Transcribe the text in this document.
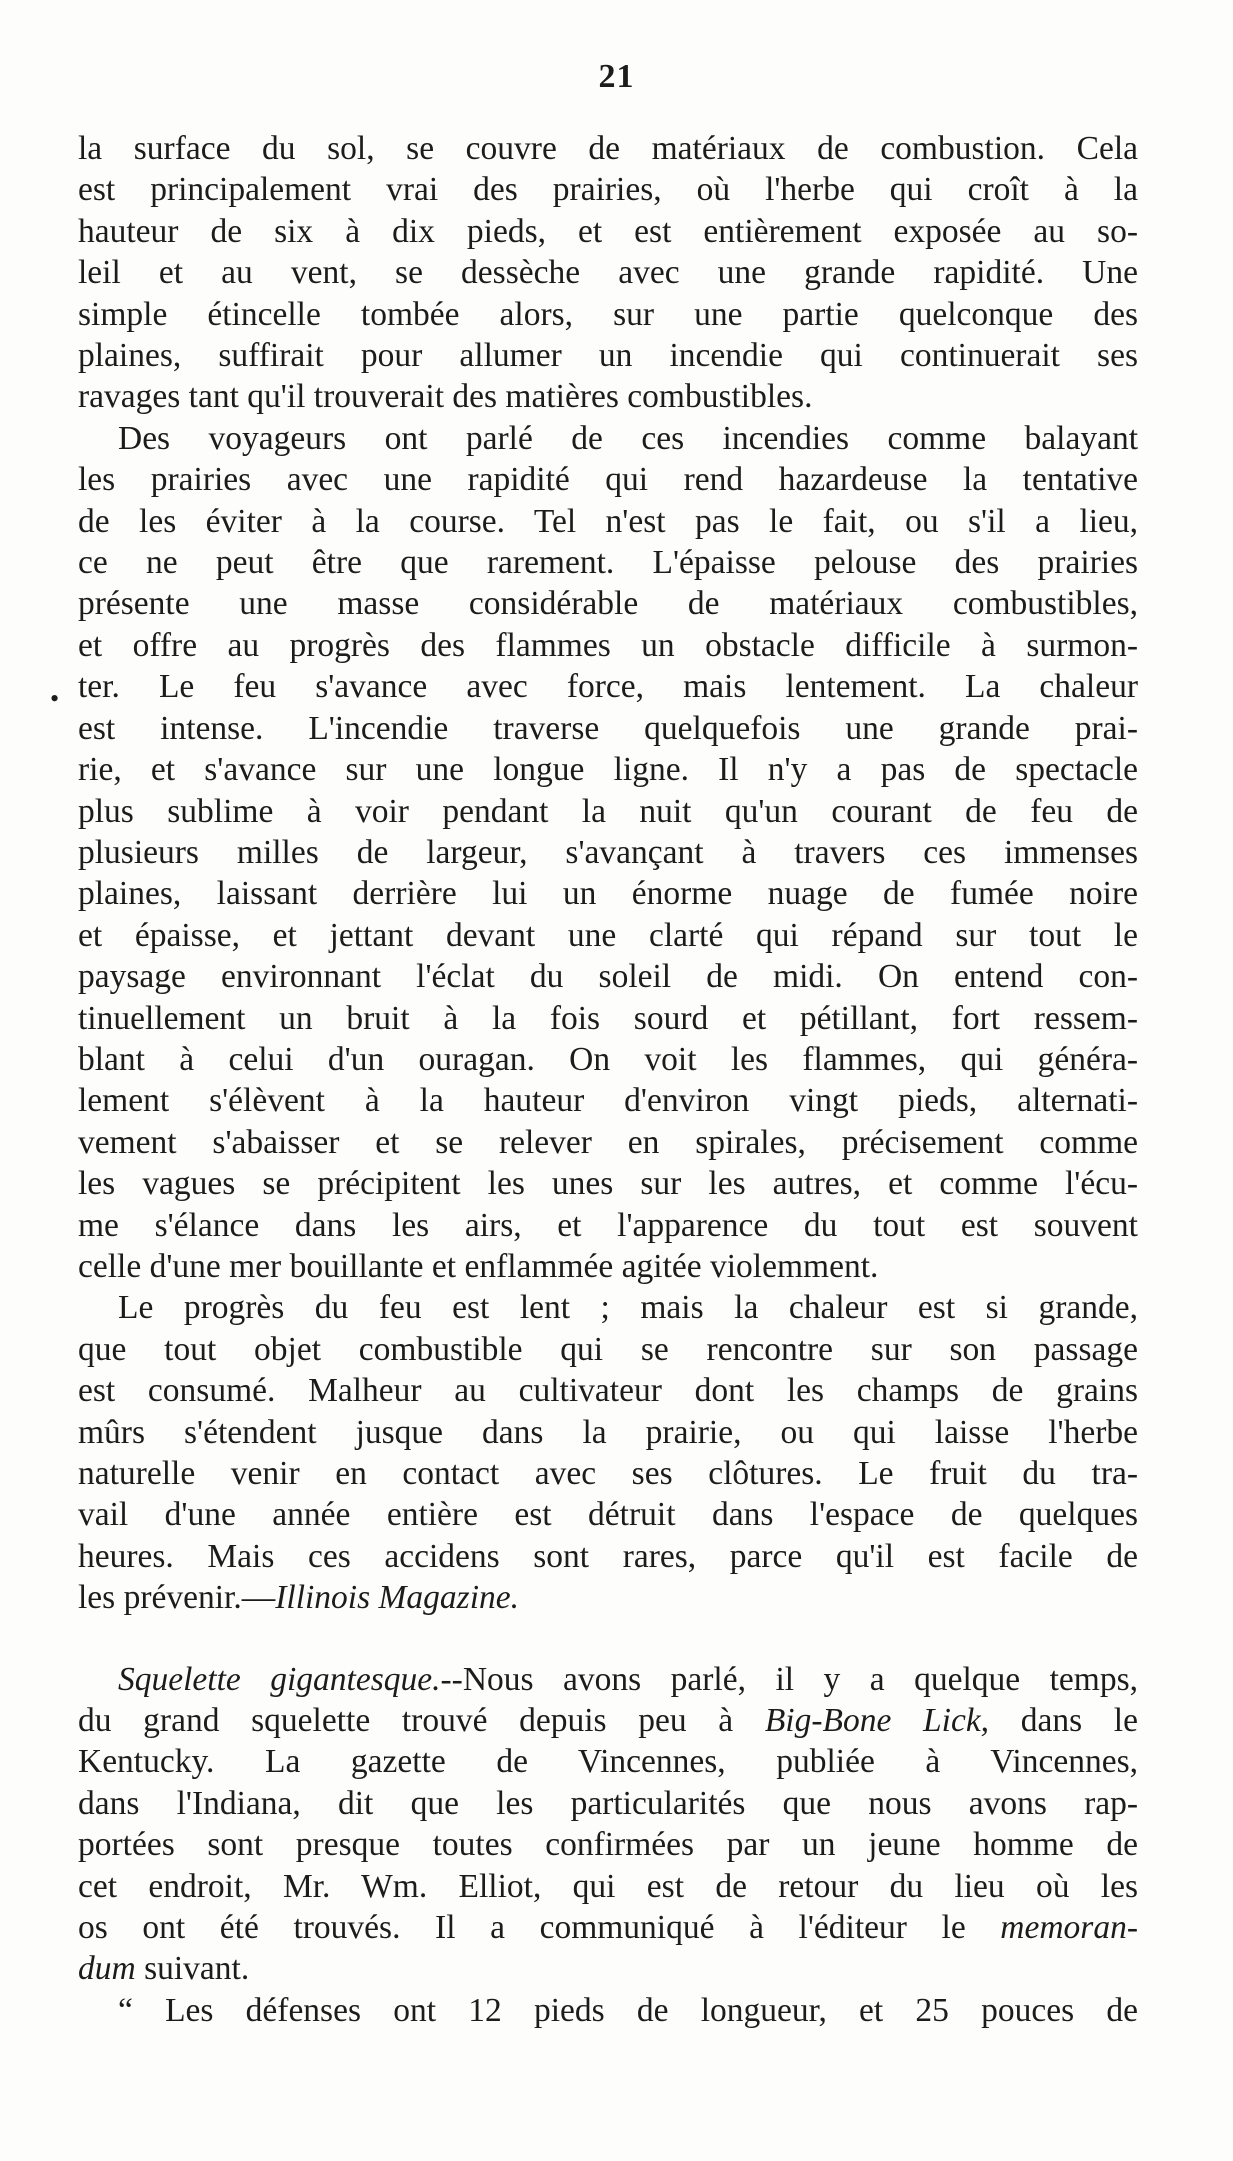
21
•

la surface du sol, se couvre de matériaux de combustion. Cela
est principalement vrai des prairies, où l'herbe qui croît à la
hauteur de six à dix pieds, et est entièrement exposée au so-
leil et au vent, se dessèche avec une grande rapidité. Une
simple étincelle tombée alors, sur une partie quelconque des
plaines, suffirait pour allumer un incendie qui continuerait ses
ravages tant qu'il trouverait des matières combustibles.

Des voyageurs ont parlé de ces incendies comme balayant
les prairies avec une rapidité qui rend hazardeuse la tentative
de les éviter à la course. Tel n'est pas le fait, ou s'il a lieu,
ce ne peut être que rarement. L'épaisse pelouse des prairies
présente une masse considérable de matériaux combustibles,
et offre au progrès des flammes un obstacle difficile à surmon-
ter. Le feu s'avance avec force, mais lentement. La chaleur
est intense. L'incendie traverse quelquefois une grande prai-
rie, et s'avance sur une longue ligne. Il n'y a pas de spectacle
plus sublime à voir pendant la nuit qu'un courant de feu de
plusieurs milles de largeur, s'avançant à travers ces immenses
plaines, laissant derrière lui un énorme nuage de fumée noire
et épaisse, et jettant devant une clarté qui répand sur tout le
paysage environnant l'éclat du soleil de midi. On entend con-
tinuellement un bruit à la fois sourd et pétillant, fort ressem-
blant à celui d'un ouragan. On voit les flammes, qui généra-
lement s'élèvent à la hauteur d'environ vingt pieds, alternati-
vement s'abaisser et se relever en spirales, précisement comme
les vagues se précipitent les unes sur les autres, et comme l'écu-
me s'élance dans les airs, et l'apparence du tout est souvent
celle d'une mer bouillante et enflammée agitée violemment.

Le progrès du feu est lent ; mais la chaleur est si grande,
que tout objet combustible qui se rencontre sur son passage
est consumé. Malheur au cultivateur dont les champs de grains
mûrs s'étendent jusque dans la prairie, ou qui laisse l'herbe
naturelle venir en contact avec ses clôtures. Le fruit du tra-
vail d'une année entière est détruit dans l'espace de quelques
heures. Mais ces accidens sont rares, parce qu'il est facile de
les prévenir.—Illinois Magazine.

Squelette gigantesque.--Nous avons parlé, il y a quelque temps,
du grand squelette trouvé depuis peu à Big-Bone Lick, dans le
Kentucky. La gazette de Vincennes, publiée à Vincennes,
dans l'Indiana, dit que les particularités que nous avons rap-
portées sont presque toutes confirmées par un jeune homme de
cet endroit, Mr. Wm. Elliot, qui est de retour du lieu où les
os ont été trouvés. Il a communiqué à l'éditeur le memoran-
dum suivant.

“ Les défenses ont 12 pieds de longueur, et 25 pouces de
